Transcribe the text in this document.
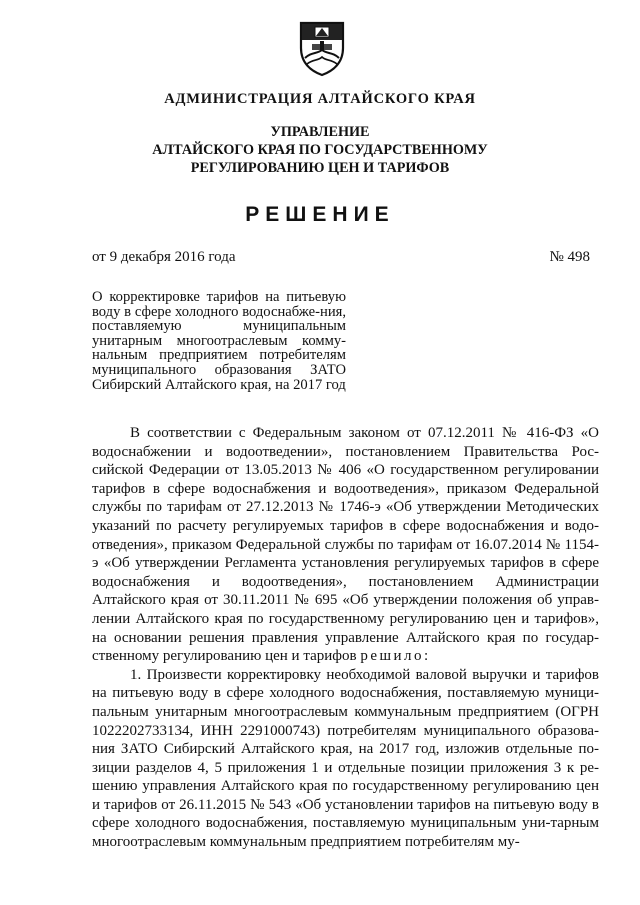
АДМИНИСТРАЦИЯ АЛТАЙСКОГО КРАЯ
УПРАВЛЕНИЕ
АЛТАЙСКОГО КРАЯ ПО ГОСУДАРСТВЕННОМУ
РЕГУЛИРОВАНИЮ ЦЕН И ТАРИФОВ
РЕШЕНИЕ
от 9 декабря 2016 года	№ 498
О корректировке тарифов на питьевую воду в сфере холодного водоснабже-ния, поставляемую муниципальным унитарным многоотраслевым комму-нальным предприятием потребителям муниципального образования ЗАТО Сибирский Алтайского края, на 2017 год

В соответствии с Федеральным законом от 07.12.2011 № 416-ФЗ «О водоснабжении и водоотведении», постановлением Правительства Рос-сийской Федерации от 13.05.2013 № 406 «О государственном регулировании тарифов в сфере водоснабжения и водоотведения», приказом Федеральной службы по тарифам от 27.12.2013 № 1746-э «Об утверждении Методических указаний по расчету регулируемых тарифов в сфере водоснабжения и водо-отведения», приказом Федеральной службы по тарифам от 16.07.2014 № 1154-э «Об утверждении Регламента установления регулируемых тарифов в сфере водоснабжения и водоотведения», постановлением Администрации Алтайского края от 30.11.2011 № 695 «Об утверждении положения об управ-лении Алтайского края по государственному регулированию цен и тарифов», на основании решения правления управление Алтайского края по государ-ственному регулированию цен и тарифов решило:

1. Произвести корректировку необходимой валовой выручки и тарифов на питьевую воду в сфере холодного водоснабжения, поставляемую муници-пальным унитарным многоотраслевым коммунальным предприятием (ОГРН 1022202733134, ИНН 2291000743) потребителям муниципального образова-ния ЗАТО Сибирский Алтайского края, на 2017 год, изложив отдельные по-зиции разделов 4, 5 приложения 1 и отдельные позиции приложения 3 к ре-шению управления Алтайского края по государственному регулированию цен и тарифов от 26.11.2015 № 543 «Об установлении тарифов на питьевую воду в сфере холодного водоснабжения, поставляемую муниципальным уни-тарным многоотраслевым коммунальным предприятием потребителям му-
